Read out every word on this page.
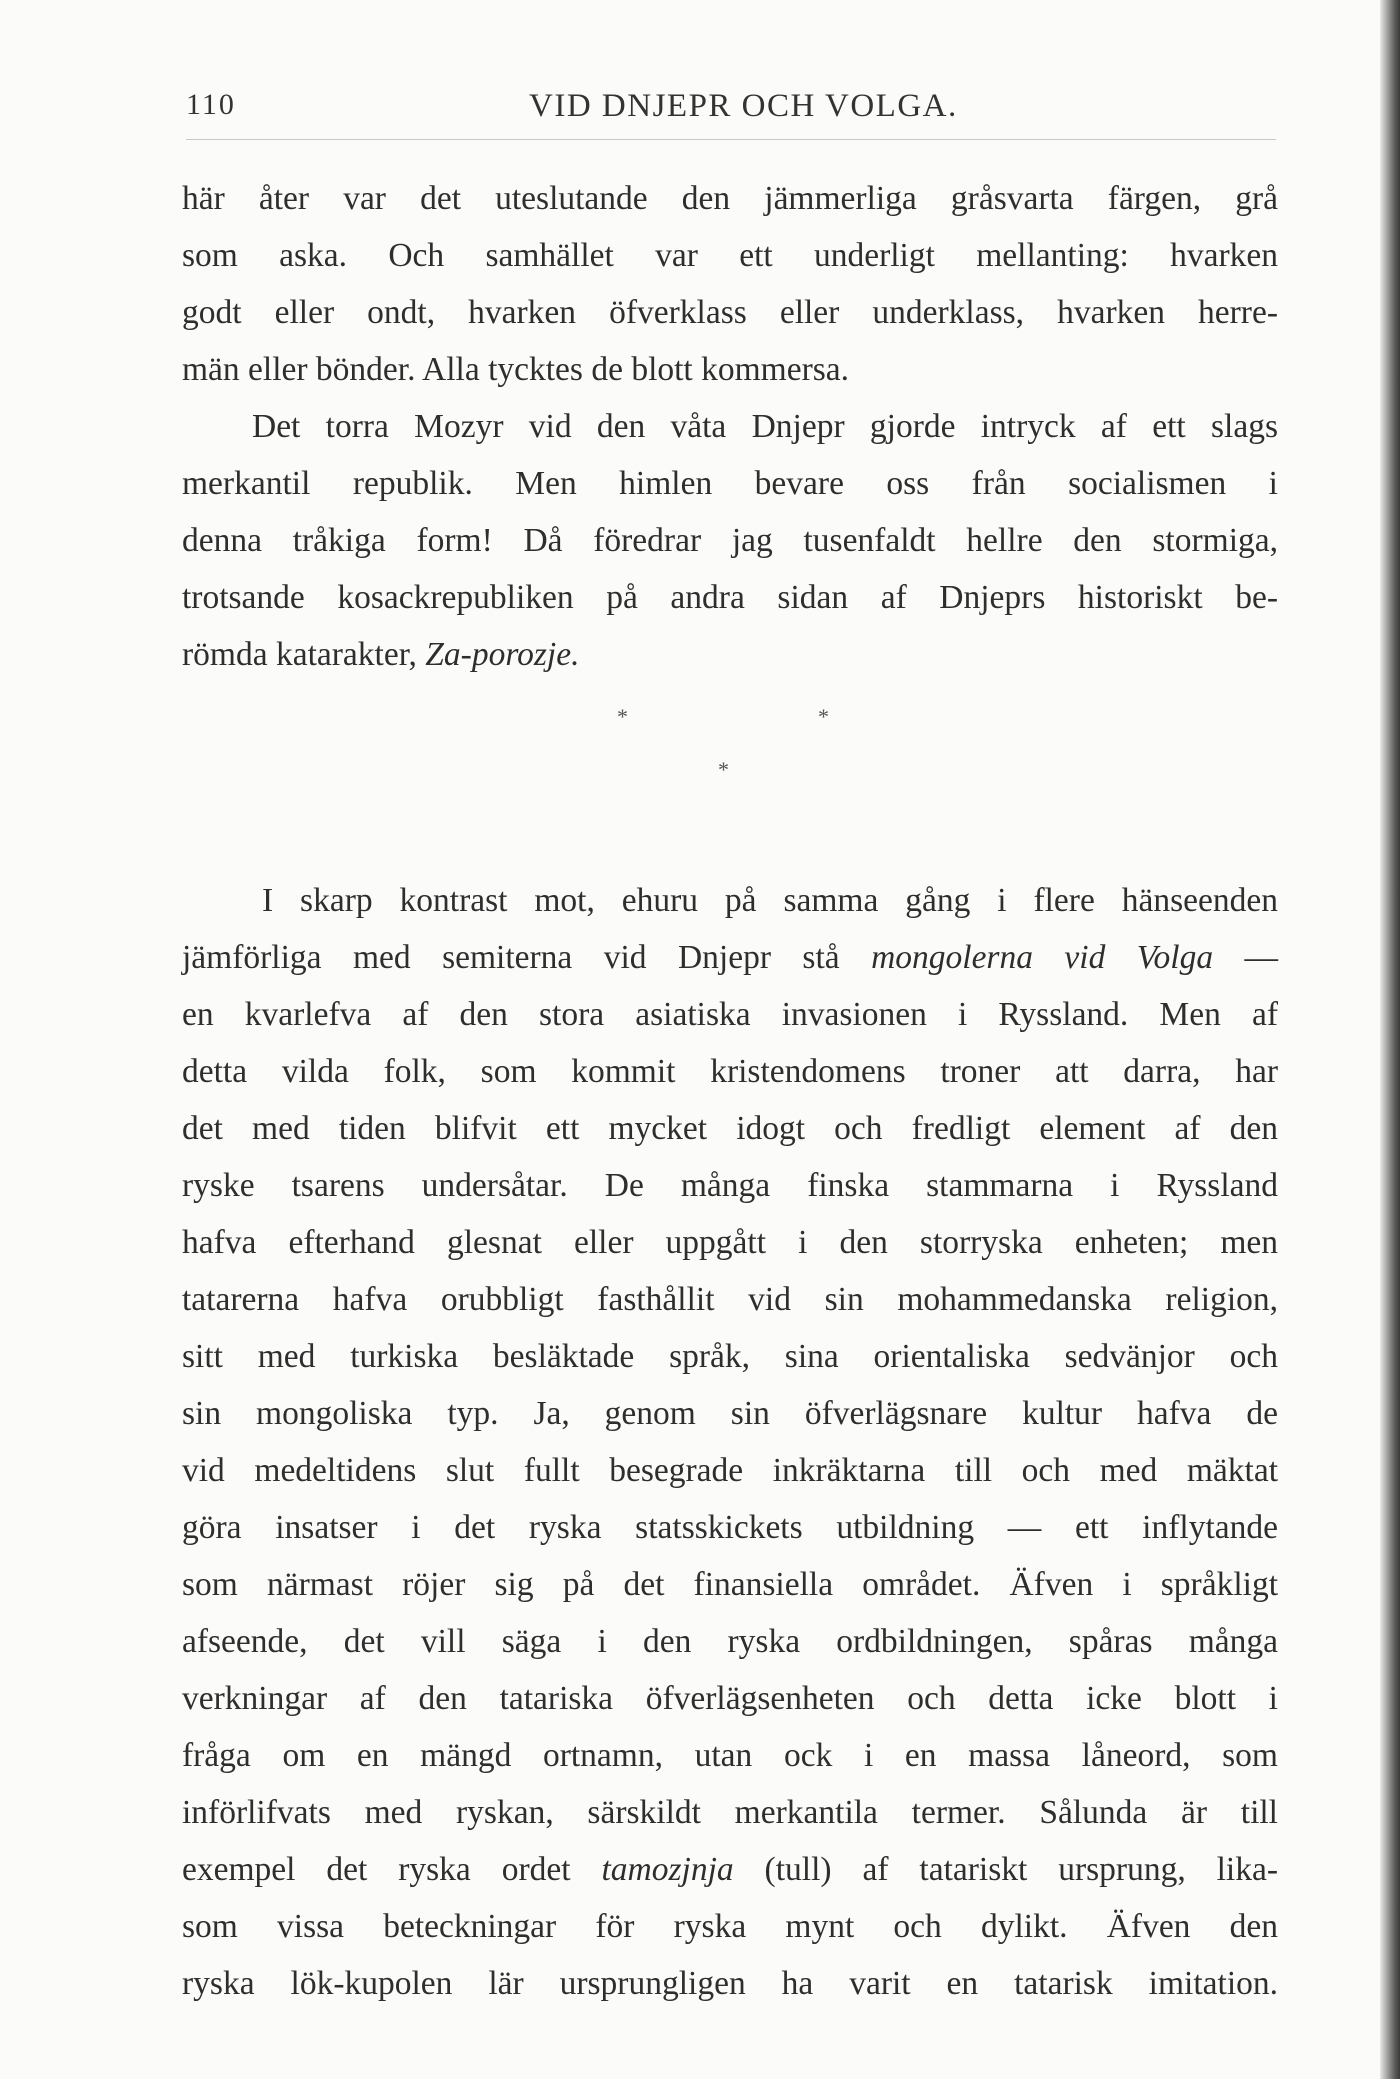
110	VID DNJEPR OCH VOLGA.
här åter var det uteslutande den jämmerliga gråsvarta färgen, grå
som aska. Och samhället var ett underligt mellanting: hvarken
godt eller ondt, hvarken öfverklass eller underklass, hvarken herre-
män eller bönder. Alla tycktes de blott kommersa.
Det torra Mozyr vid den våta Dnjepr gjorde intryck af ett slags
merkantil republik. Men himlen bevare oss från socialismen i
denna tråkiga form! Då föredrar jag tusenfaldt hellre den stormiga,
trotsande kosackrepubliken på andra sidan af Dnjeprs historiskt be-
römda katarakter, Za-porozje.
*	*
*
I skarp kontrast mot, ehuru på samma gång i flere hänseenden
jämförliga med semiterna vid Dnjepr stå mongolerna vid Volga —
en kvarlefva af den stora asiatiska invasionen i Ryssland. Men af
detta vilda folk, som kommit kristendomens troner att darra, har
det med tiden blifvit ett mycket idogt och fredligt element af den
ryske tsarens undersåtar. De många finska stammarna i Ryssland
hafva efterhand glesnat eller uppgått i den storryska enheten; men
tatarerna hafva orubbligt fasthållit vid sin mohammedanska religion,
sitt med turkiska besläktade språk, sina orientaliska sedvänjor och
sin mongoliska typ. Ja, genom sin öfverlägsnare kultur hafva de
vid medeltidens slut fullt besegrade inkräktarna till och med mäktat
göra insatser i det ryska statsskickets utbildning — ett inflytande
som närmast röjer sig på det finansiella området. Äfven i språkligt
afseende, det vill säga i den ryska ordbildningen, spåras många
verkningar af den tatariska öfverlägsenheten och detta icke blott i
fråga om en mängd ortnamn, utan ock i en massa låneord, som
införlifvats med ryskan, särskildt merkantila termer. Sålunda är till
exempel det ryska ordet tamozjnja (tull) af tatariskt ursprung, lika-
som vissa beteckningar för ryska mynt och dylikt. Äfven den
ryska lök-kupolen lär ursprungligen ha varit en tatarisk imitation.
